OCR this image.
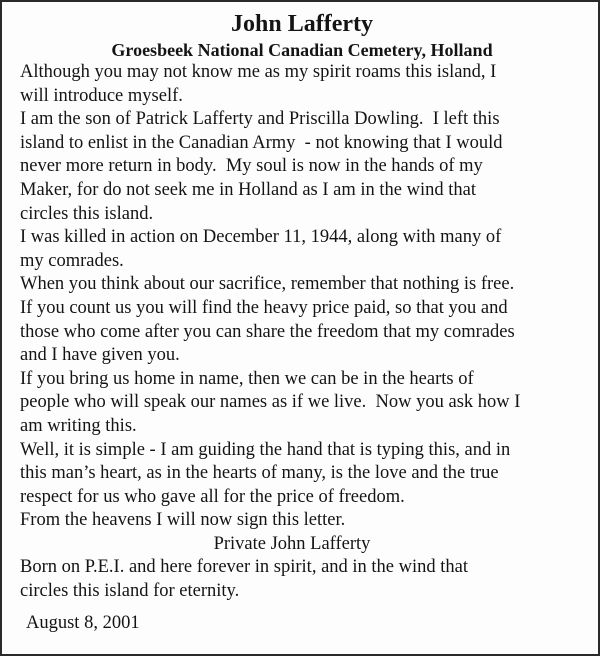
John Lafferty
Groesbeek National Canadian Cemetery, Holland
Although you may not know me as my spirit roams this island, I
will introduce myself.
I am the son of Patrick Lafferty and Priscilla Dowling.  I left this
island to enlist in the Canadian Army  - not knowing that I would
never more return in body.  My soul is now in the hands of my
Maker, for do not seek me in Holland as I am in the wind that
circles this island.
I was killed in action on December 11, 1944, along with many of
my comrades.
When you think about our sacrifice, remember that nothing is free.
If you count us you will find the heavy price paid, so that you and
those who come after you can share the freedom that my comrades
and I have given you.
If you bring us home in name, then we can be in the hearts of
people who will speak our names as if we live.  Now you ask how I
am writing this.
Well, it is simple - I am guiding the hand that is typing this, and in
this man’s heart, as in the hearts of many, is the love and the true
respect for us who gave all for the price of freedom.
From the heavens I will now sign this letter.
Private John Lafferty
Born on P.E.I. and here forever in spirit, and in the wind that
circles this island for eternity.
August 8, 2001
